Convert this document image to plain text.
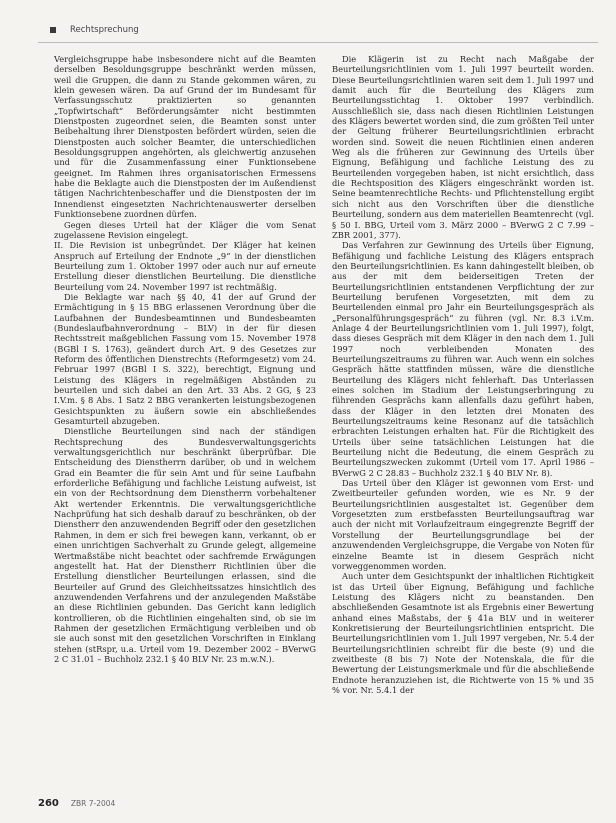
Rechtsprechung

Vergleichsgruppe habe insbesondere nicht auf die Beamten derselben Besoldungsgruppe beschränkt werden müssen, weil die Gruppen, die dann zu Stande gekommen wären, zu klein gewesen wären. Da auf Grund der im Bundesamt für Verfassungsschutz praktizierten so genannten „Topfwirtschaft“ Beförderungsämter nicht bestimmten Dienstposten zugeordnet seien, die Beamten sonst unter Beibehaltung ihrer Dienstposten befördert würden, seien die Dienstposten auch solcher Beamter, die unterschiedlichen Besoldungsgruppen angehörten, als gleichwertig anzusehen und für die Zusammenfassung einer Funktionsebene geeignet. Im Rahmen ihres organisatorischen Ermessens habe die Beklagte auch die Dienstposten der im Außendienst tätigen Nachrichtenbeschaffer und die Dienstposten der im Innendienst eingesetzten Nachrichtenauswerter derselben Funktionsebene zuordnen dürfen.

Gegen dieses Urteil hat der Kläger die vom Senat zugelassene Revision eingelegt.

II. Die Revision ist unbegründet. Der Kläger hat keinen Anspruch auf Erteilung der Endnote „9“ in der dienstlichen Beurteilung zum 1. Oktober 1997 oder auch nur auf erneute Erstellung dieser dienstlichen Beurteilung. Die dienstliche Beurteilung vom 24. November 1997 ist rechtmäßig.

Die Beklagte war nach §§ 40, 41 der auf Grund der Ermächtigung in § 15 BBG erlassenen Verordnung über die Laufbahnen der Bundesbeamtinnen und Bundesbeamten (Bundeslaufbahnverordnung – BLV) in der für diesen Rechtsstreit maßgeblichen Fassung vom 15. November 1978 (BGBl I S. 1763), geändert durch Art. 9 des Gesetzes zur Reform des öffentlichen Dienstrechts (Reformgesetz) vom 24. Februar 1997 (BGBl I S. 322), berechtigt, Eignung und Leistung des Klägers in regelmäßigen Abständen zu beurteilen und sich dabei an den Art. 33 Abs. 2 GG, § 23 I.V.m. § 8 Abs. 1 Satz 2 BBG verankerten leistungsbezogenen Gesichtspunkten zu äußern sowie ein abschließendes Gesamturteil abzugeben.

Dienstliche Beurteilungen sind nach der ständigen Rechtsprechung des Bundesverwaltungsgerichts verwaltungsgerichtlich nur beschränkt überprüfbar. Die Entscheidung des Dienstherrn darüber, ob und in welchem Grad ein Beamter die für sein Amt und für seine Laufbahn erforderliche Befähigung und fachliche Leistung aufweist, ist ein von der Rechtsordnung dem Dienstherrn vorbehaltener Akt wertender Erkenntnis. Die verwaltungsgerichtliche Nachprüfung hat sich deshalb darauf zu beschränken, ob der Dienstherr den anzuwendenden Begriff oder den gesetzlichen Rahmen, in dem er sich frei bewegen kann, verkannt, ob er einen unrichtigen Sachverhalt zu Grunde gelegt, allgemeine Wertmaßstäbe nicht beachtet oder sachfremde Erwägungen angestellt hat. Hat der Dienstherr Richtlinien über die Erstellung dienstlicher Beurteilungen erlassen, sind die Beurteiler auf Grund des Gleichheitssatzes hinsichtlich des anzuwendenden Verfahrens und der anzulegenden Maßstäbe an diese Richtlinien gebunden. Das Gericht kann lediglich kontrollieren, ob die Richtlinien eingehalten sind, ob sie im Rahmen der gesetzlichen Ermächtigung verbleiben und ob sie auch sonst mit den gesetzlichen Vorschriften in Einklang stehen (stRspr, u.a. Urteil vom 19. Dezember 2002 – BVerwG 2 C 31.01 – Buchholz 232.1 § 40 BLV Nr. 23 m.w.N.).

Die Klägerin ist zu Recht nach Maßgabe der Beurteilungsrichtlinien vom 1. Juli 1997 beurteilt worden. Diese Beurteilungsrichtlinien waren seit dem 1. Juli 1997 und damit auch für die Beurteilung des Klägers zum Beurteilungsstichtag 1. Oktober 1997 verbindlich. Ausschließlich sie, dass nach diesen Richtlinien Leistungen des Klägers bewertet worden sind, die zum größten Teil unter der Geltung früherer Beurteilungsrichtlinien erbracht worden sind. Soweit die neuen Richtlinien einen anderen Weg als die früheren zur Gewinnung des Urteils über Eignung, Befähigung und fachliche Leistung des zu Beurteilenden vorgegeben haben, ist nicht ersichtlich, dass die Rechtsposition des Klägers eingeschränkt worden ist. Seine beamtenrechtliche Rechts- und Pflichtenstellung ergibt sich nicht aus den Vorschriften über die dienstliche Beurteilung, sondern aus dem materiellen Beamtenrecht (vgl. § 50 I. BBG, Urteil vom 3. März 2000 – BVerwG 2 C 7.99 – ZBR 2001, 377).

Das Verfahren zur Gewinnung des Urteils über Eignung, Befähigung und fachliche Leistung des Klägers entsprach den Beurteilungsrichtlinien. Es kann dahingestellt bleiben, ob aus der mit dem beiderseitigen Treten der Beurteilungsrichtlinien entstandenen Verpflichtung der zur Beurteilung berufenen Vorgesetzten, mit dem zu Beurteilenden einmal pro Jahr ein Beurteilungsgespräch als „Personalführungsgespräch“ zu führen (vgl. Nr. 8.3 i.V.m. Anlage 4 der Beurteilungsrichtlinien vom 1. Juli 1997), folgt, dass dieses Gespräch mit dem Kläger in den nach dem 1. Juli 1997 noch verbleibenden Monaten des Beurteilungszeitraums zu führen war. Auch wenn ein solches Gespräch hätte stattfinden müssen, wäre die dienstliche Beurteilung des Klägers nicht fehlerhaft. Das Unterlassen eines solchen im Stadium der Leistungserbringung zu führenden Gesprächs kann allenfalls dazu geführt haben, dass der Kläger in den letzten drei Monaten des Beurteilungszeitraums keine Resonanz auf die tatsächlich erbrachten Leistungen erhalten hat. Für die Richtigkeit des Urteils über seine tatsächlichen Leistungen hat die Beurteilung nicht die Bedeutung, die einem Gespräch zu Beurteilungszwecken zukommt (Urteil vom 17. April 1986 – BVerwG 2 C 28.83 – Buchholz 232.1 § 40 BLV Nr. 8).

Das Urteil über den Kläger ist gewonnen vom Erst- und Zweitbeurteiler gefunden worden, wie es Nr. 9 der Beurteilungsrichtlinien ausgestaltet ist. Gegenüber dem Vorgesetzten zum erstbefassten Beurteilungsauftrag war auch der nicht mit Vorlaufzeitraum eingegrenzte Begriff der Vorstellung der Beurteilungsgrundlage bei der anzuwendenden Vergleichsgruppe, die Vergabe von Noten für einzelne Beamte ist in diesem Gespräch nicht vorweggenommen worden.

Auch unter dem Gesichtspunkt der inhaltlichen Richtigkeit ist das Urteil über Eignung, Befähigung und fachliche Leistung des Klägers nicht zu beanstanden. Den abschließenden Gesamtnote ist als Ergebnis einer Bewertung anhand eines Maßstabs, der § 41a BLV und in weiterer Konkretisierung der Beurteilungsrichtlinien entspricht. Die Beurteilungsrichtlinien vom 1. Juli 1997 vergeben, Nr. 5.4 der Beurteilungsrichtlinien schreibt für die beste (9) und die zweitbeste (8 bis 7) Note der Notenskala, die für die Bewertung der Leistungsmerkmale und für die abschließende Endnote heranzuziehen ist, die Richtwerte von 15 % und 35 % vor. Nr. 5.4.1 der

260 ZBR 7-2004
